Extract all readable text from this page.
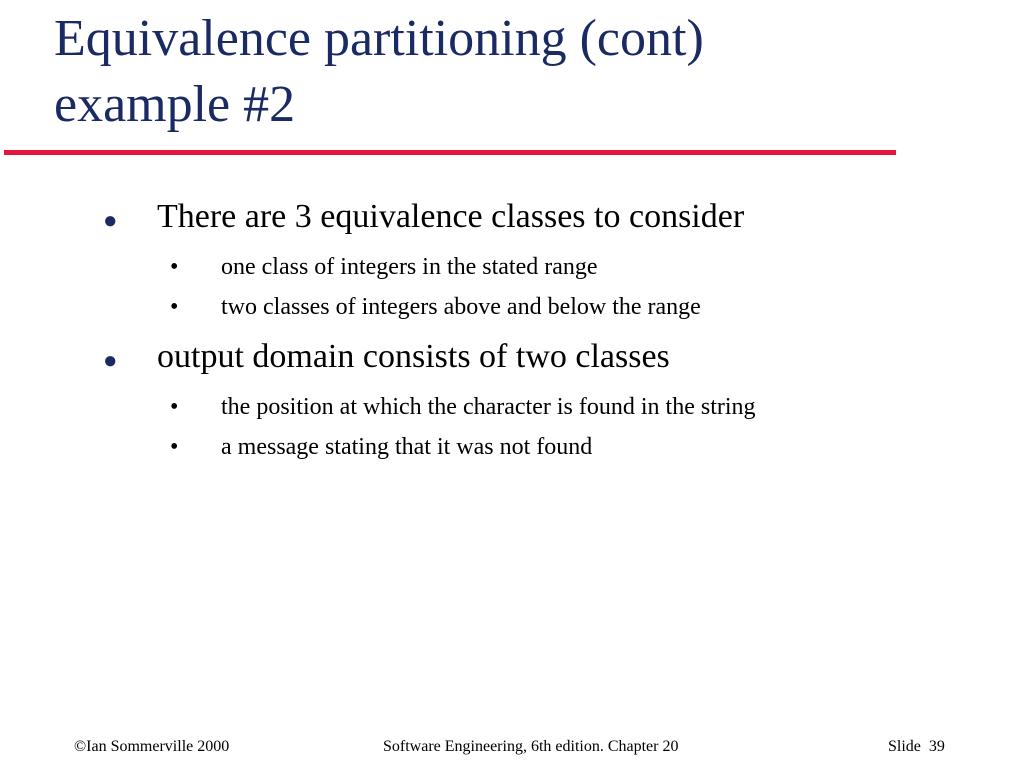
Equivalence partitioning (cont)
example #2
● There are 3 equivalence classes to consider
• one class of integers in the stated range
• two classes of integers above and below the range
● output domain consists of two classes
• the position at which the character is found in the string
• a message stating that it was not found
©Ian Sommerville 2000	Software Engineering, 6th edition. Chapter 20	Slide  39
